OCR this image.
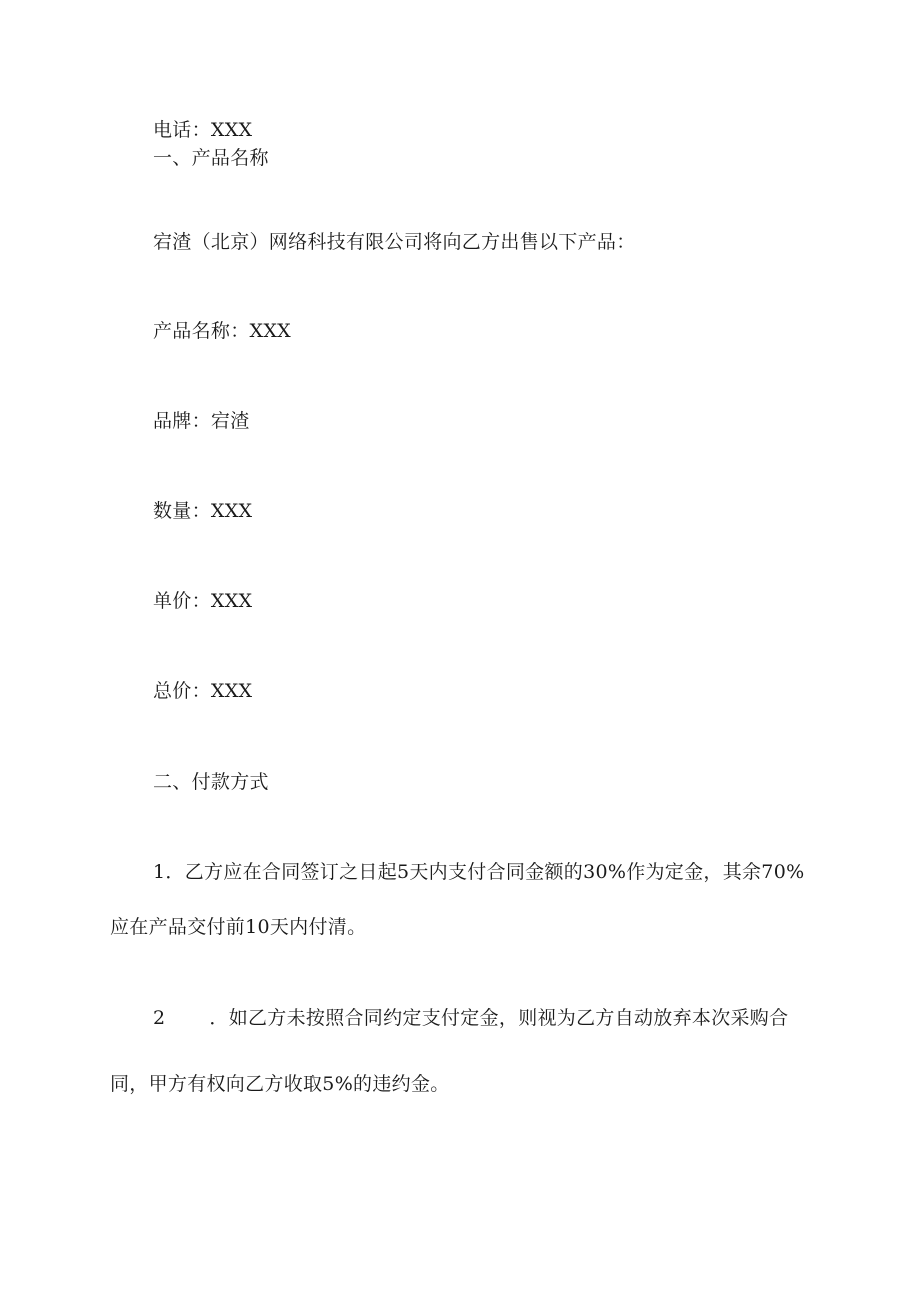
电话：XXX

一、产品名称

宕渣（北京）网络科技有限公司将向乙方出售以下产品：

产品名称：XXX

品牌：宕渣

数量：XXX

单价：XXX

总价：XXX

二、付款方式

1．乙方应在合同签订之日起5天内支付合同金额的30%作为定金，其余70%

应在产品交付前10天内付清。

2 ．如乙方未按照合同约定支付定金，则视为乙方自动放弃本次采购合

同，甲方有权向乙方收取5%的违约金。
